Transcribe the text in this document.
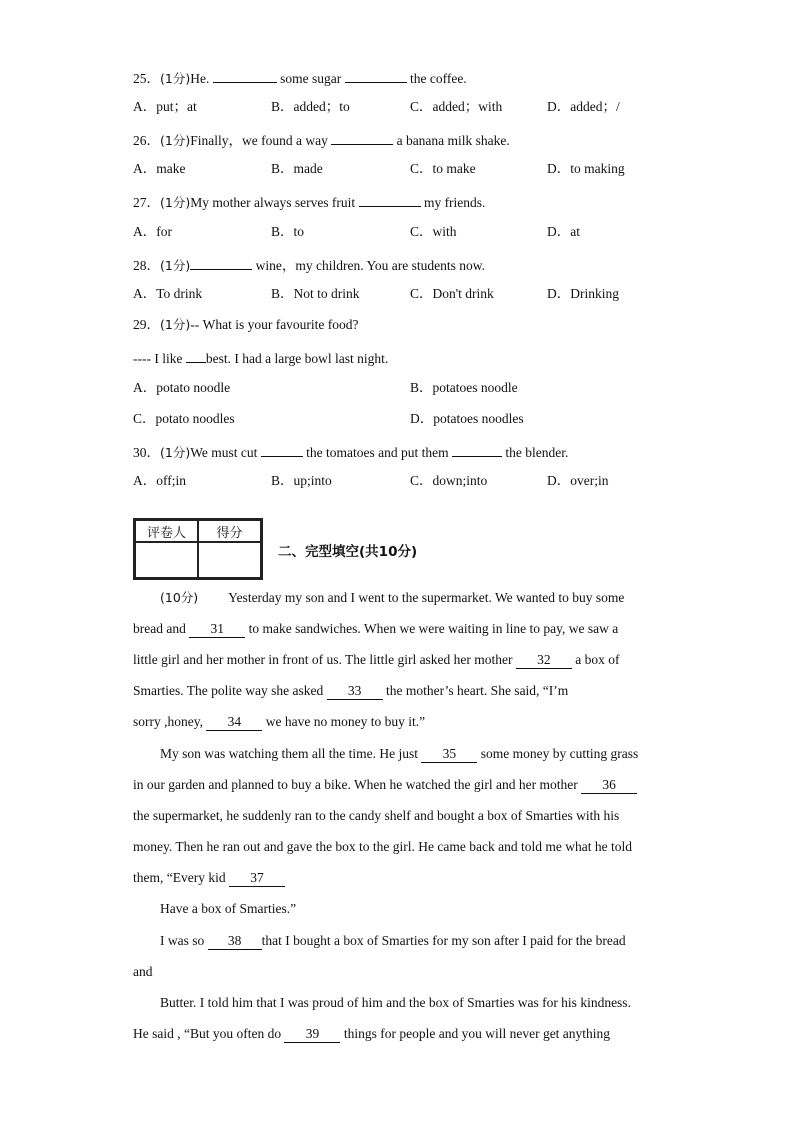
25．(1分)He.	some sugar	the coffee.
A．put；at	B．added；to	C．added；with	D．added；/
26．(1分)Finally，we found a way	a banana milk shake.
A．make	B．made	C．to make	D．to making
27．(1分)My mother always serves fruit	my friends.
A．for	B．to	C．with	D．at
28．(1分)	wine，my children. You are students now.
A．To drink	B．Not to drink	C．Don't drink	D．Drinking
29．(1分)-- What is your favourite food?
---- I like best. I had a large bowl last night.
A．potato noodle	B．potatoes noodle
C．potato noodles	D．potatoes noodles
30．(1分)We must cut	the tomatoes and put them	the blender.
A．off;in	B．up;into	C．down;into	D．over;in
评卷人	得分
二、完型填空(共10分)
(10分) Yesterday my son and I went to the supermarket. We wanted to buy some
bread and 31 to make sandwiches. When we were waiting in line to pay, we saw a
little girl and her mother in front of us. The little girl asked her mother 32 a box of
Smarties. The polite way she asked 33 the mother’s heart. She said, “I’m
sorry ,honey, 34 we have no money to buy it.”
My son was watching them all the time. He just 35 some money by cutting grass
in our garden and planned to buy a bike. When he watched the girl and her mother 36
the supermarket, he suddenly ran to the candy shelf and bought a box of Smarties with his
money. Then he ran out and gave the box to the girl. He came back and told me what he told
them, “Every kid 37
Have a box of Smarties.”
I was so 38 that I bought a box of Smarties for my son after I paid for the bread
and
Butter. I told him that I was proud of him and the box of Smarties was for his kindness.
He said , “But you often do 39 things for people and you will never get anything
